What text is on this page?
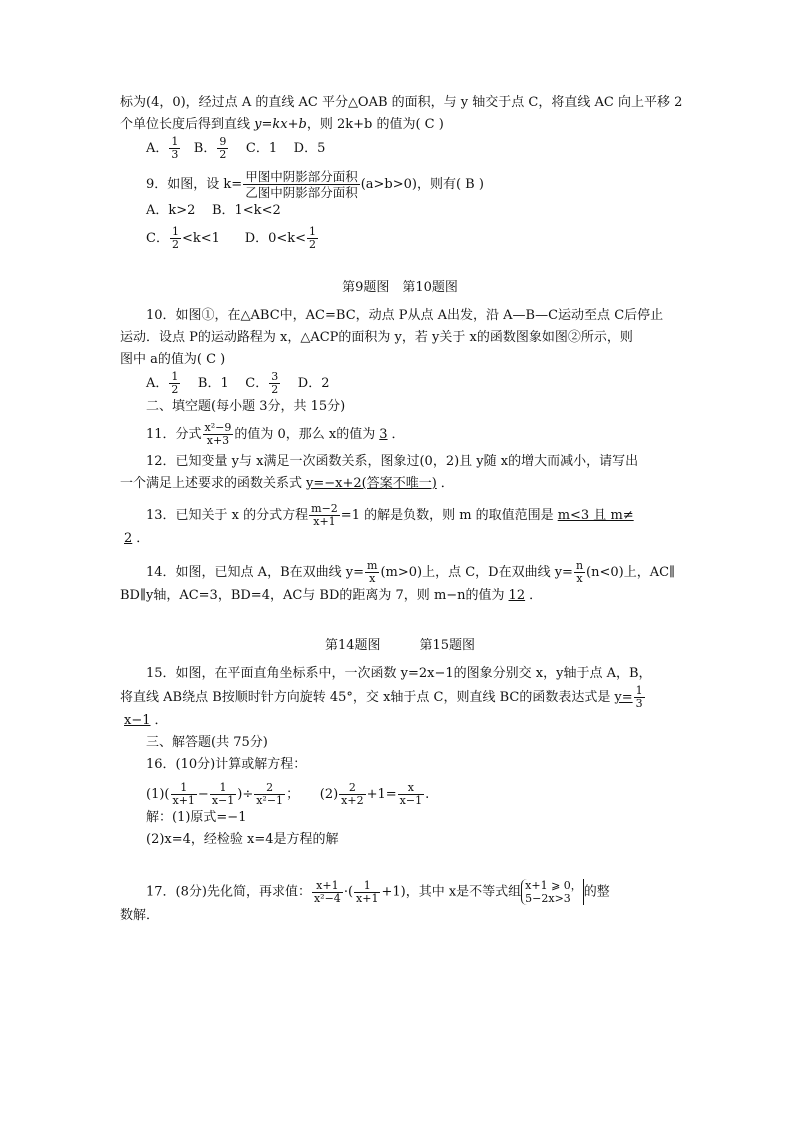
标为(4，0)，经过点 A 的直线 AC 平分△OAB 的面积，与 y 轴交于点 C，将直线 AC 向上平移 2
个单位长度后得到直线 y=kx+b，则 2k+b 的值为( C )
A． $\frac{1}{3}$ B． $\frac{9}{2}$ C．1 D．5
9．如图，设 $k= \frac{\text{甲图中阴影部分面积}}{\text{乙图中阴影部分面积}} (a>b>0)$，则有( B )
A．k>2 B．1<k<2
C． $\frac{1}{2} <k<1$ D．$0<k< \frac{1}{2}$
第9题图　第10题图
10．如图①，在△ABC中，AC=BC，动点 P从点 A出发，沿 A—B—C运动至点 C后停止
运动．设点 P的运动路程为 x，△ACP的面积为 y，若 y关于 x的函数图象如图②所示，则
图中 a的值为( C )
A． $\frac{1}{2}$ B．1 C． $\frac{3}{2}$ D．2
二、填空题(每小题 3分，共 15分)
11．分式 $\frac{\text{x²−9}}{x+3}$ 的值为 0，那么 x的值为 3 ．
12．已知变量 y与 x满足一次函数关系，图象过(0，2)且 y随 x的增大而减小，请写出
一个满足上述要求的函数关系式 y=−x+2(答案不唯一) ．
13．已知关于 x 的分式方程 $\frac{m-2}{x+1} =1$ 的解是负数，则 m 的取值范围是 m<3 且 m≠
2 ．
14．如图，已知点 A，B在双曲线 $y= \frac{m}{x} (m>0)$上，点 C，D在双曲线 $y= \frac{n}{x} (n<0)$上，AC∥
BD∥y轴，AC=3，BD=4，AC与 BD的距离为 7，则 m−n的值为 12 ．
第14题图　　　第15题图
15．如图，在平面直角坐标系中，一次函数 y=2x−1的图象分别交 x，y轴于点 A，B，
将直线 AB绕点 B按顺时针方向旋转 45°，交 x轴于点 C，则直线 BC的函数表达式是 $y= \frac{1}{3}$
x−1 ．
三、解答题(共 75分)
16．(10分)计算或解方程：
$(1)( \frac{1}{x+1} - \frac{1}{x-1}$ )÷ $\frac{2}{\text{x²−1}}$ ； $(2) \frac{2}{x+2} +1= \frac{x}{x-1}$ .
解：(1)原式=−1
(2)x=4，经检验 x=4是方程的解
17．(8分)先化简，再求值： $\frac{x+1}{\text{x²−4}}$ ·( $\frac{1}{x+1} +1$)，其中 x是不等式组 x+1 ⩾ 0，
5−2x>3	的整
数解．
